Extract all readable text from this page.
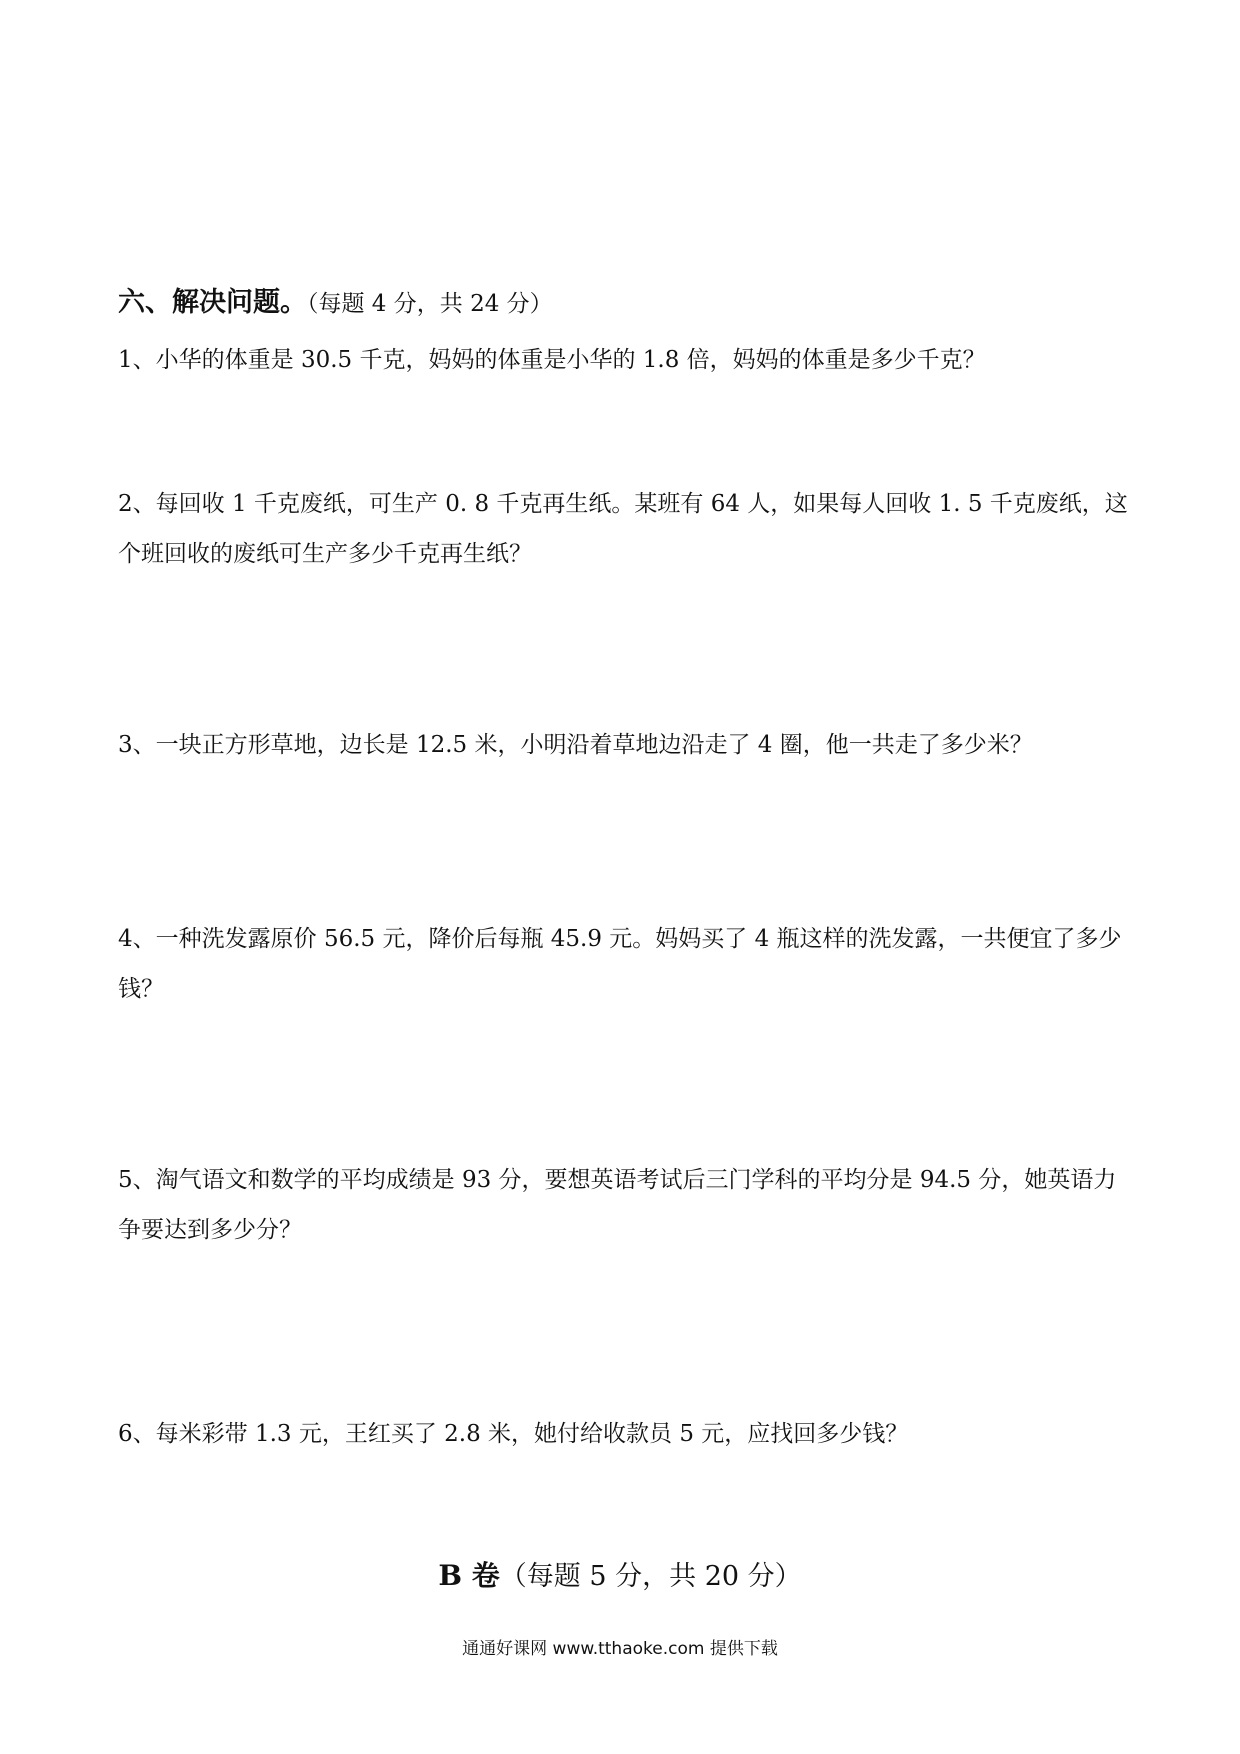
六、解决问题。（每题 4 分，共 24 分）
1、小华的体重是 30.5 千克，妈妈的体重是小华的 1.8 倍，妈妈的体重是多少千克？
2、每回收 1 千克废纸，可生产 0. 8 千克再生纸。某班有 64 人，如果每人回收 1. 5 千克废纸，这个班回收的废纸可生产多少千克再生纸？
3、一块正方形草地，边长是 12.5 米，小明沿着草地边沿走了 4 圈，他一共走了多少米？
4、一种洗发露原价 56.5 元，降价后每瓶 45.9 元。妈妈买了 4 瓶这样的洗发露，一共便宜了多少钱？
5、淘气语文和数学的平均成绩是 93 分，要想英语考试后三门学科的平均分是 94.5 分，她英语力争要达到多少分？
6、每米彩带 1.3 元，王红买了 2.8 米，她付给收款员 5 元，应找回多少钱？
B 卷（每题 5 分，共 20 分）
通通好课网 www.tthaoke.com 提供下载
